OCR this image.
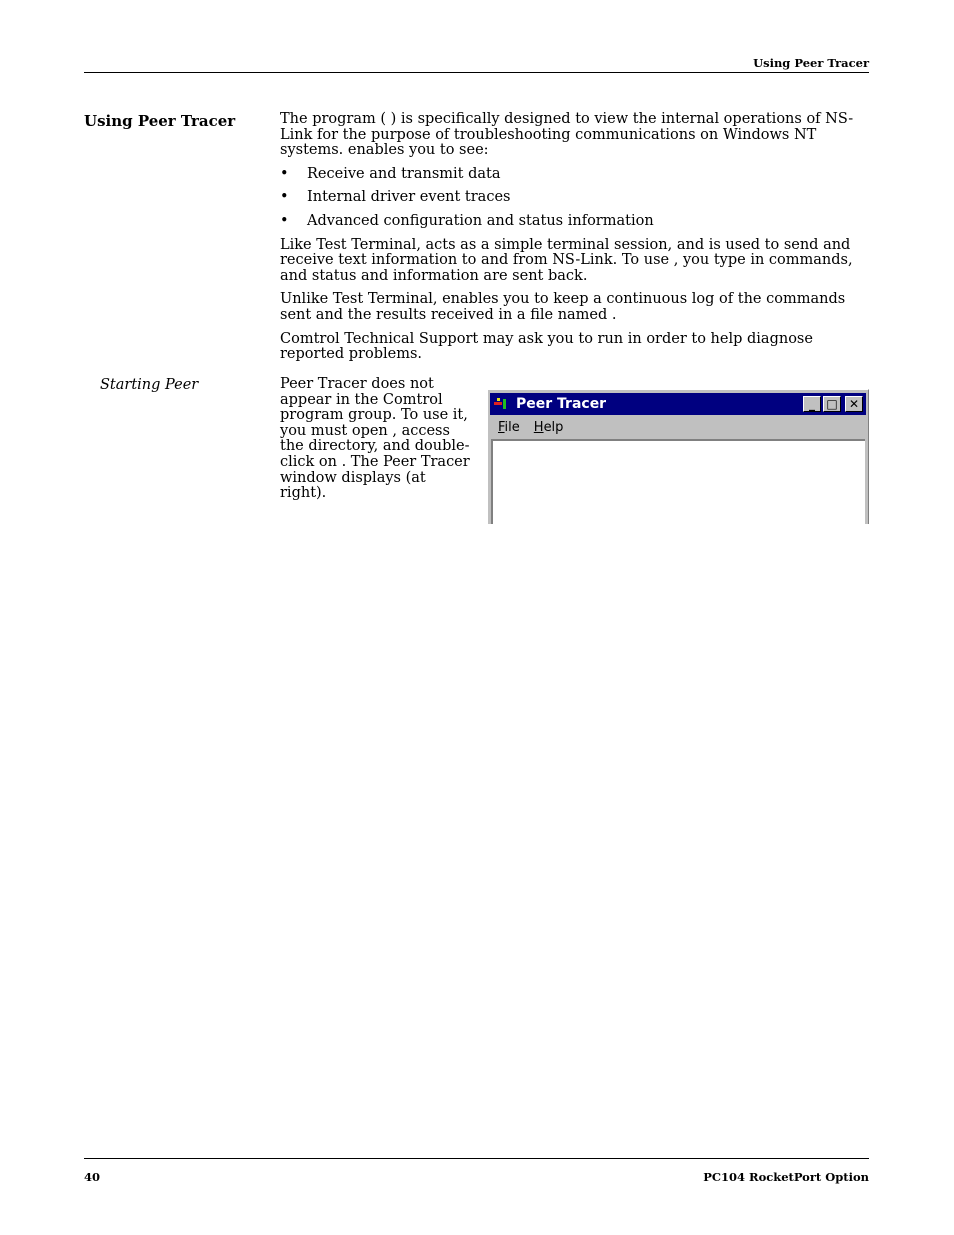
Using Peer Tracer
Using Peer Tracer	The program ( ) is specifically designed to view the internal operations of NS-Link for the purpose of troubleshooting communications on Windows NT systems. enables you to see:

• Receive and transmit data
• Internal driver event traces
• Advanced configuration and status information

Like Test Terminal, acts as a simple terminal session, and is used to send and receive text information to and from NS-Link. To use , you type in commands, and status and information are sent back.

Unlike Test Terminal, enables you to keep a continuous log of the commands sent and the results received in a file named .

Comtrol Technical Support may ask you to run in order to help diagnose reported problems.

Starting Peer	Peer Tracer does not appear in the Comtrol program group. To use it, you must open , access the directory, and double-click on . The Peer Tracer window displays (at right).

Peer Tracer	_ □ ✕
File Help
40	PC104 RocketPort Option
